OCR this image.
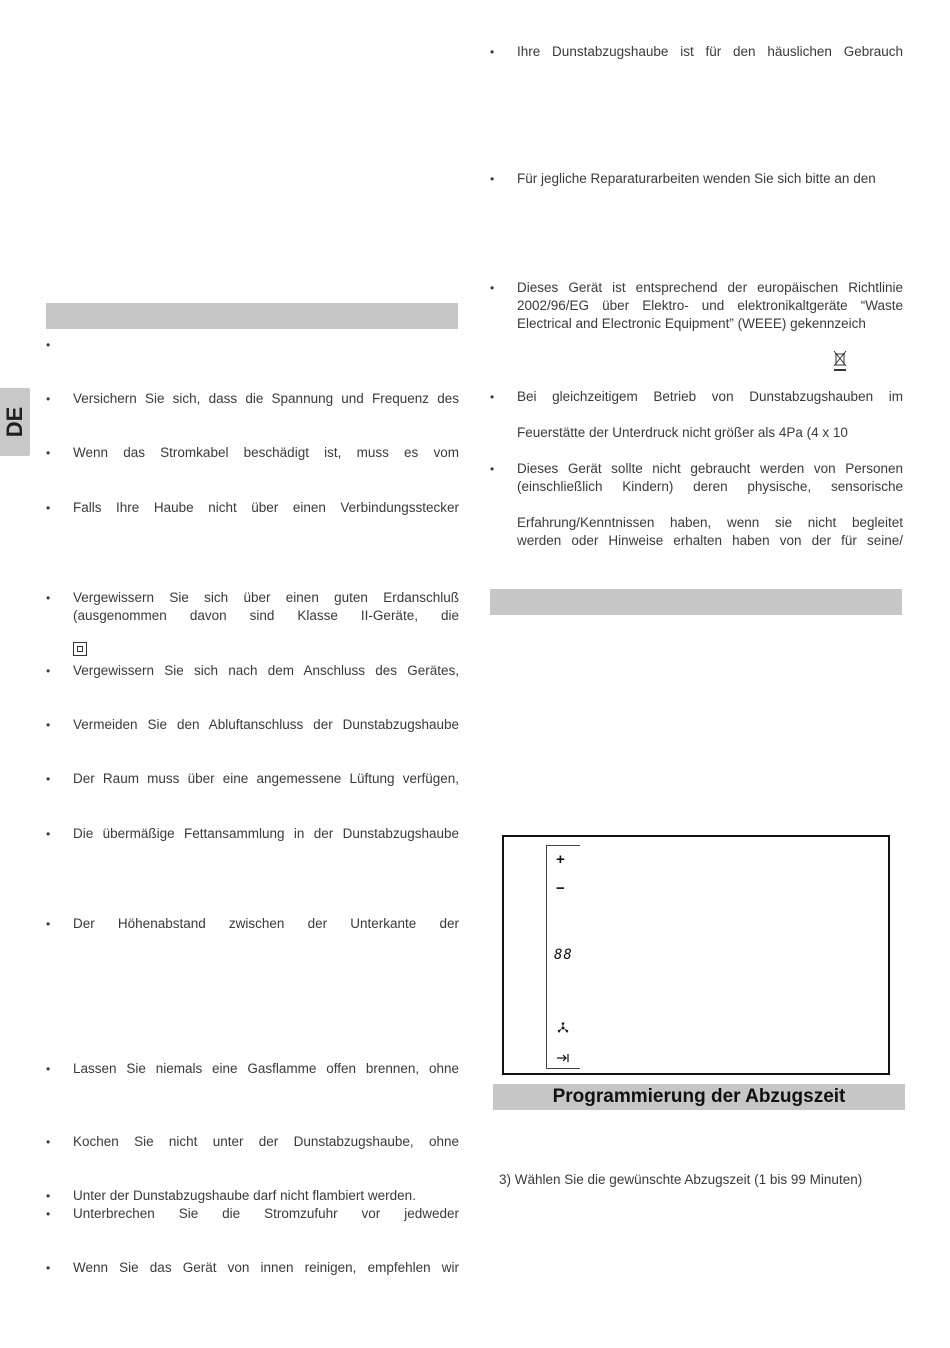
DE
•
• Versichern Sie sich, dass die Spannung und Frequenz des
• Wenn das Stromkabel beschädigt ist, muss es vom
• Falls Ihre Haube nicht über einen Verbindungsstecker
• Vergewissern Sie sich über einen guten Erdanschluß
(ausgenommen davon sind Klasse II-Geräte, die
• Vergewissern Sie sich nach dem Anschluss des Gerätes,
• Vermeiden Sie den Abluftanschluss der Dunstabzugshaube
• Der Raum muss über eine angemessene Lüftung verfügen,
• Die übermäßige Fettansammlung in der Dunstabzugshaube
• Der Höhenabstand zwischen der Unterkante der
• Lassen Sie niemals eine Gasflamme offen brennen, ohne
• Kochen Sie nicht unter der Dunstabzugshaube, ohne
• Unter der Dunstabzugshaube darf nicht flambiert werden.
• Unterbrechen Sie die Stromzufuhr vor jedweder
• Wenn Sie das Gerät von innen reinigen, empfehlen wir
• Ihre Dunstabzugshaube ist für den häuslichen Gebrauch
• Für jegliche Reparaturarbeiten wenden Sie sich bitte an den
• Dieses Gerät ist entsprechend der europäischen Richtlinie
2002/96/EG über Elektro- und elektronikaltgeräte “Waste
Electrical and Electronic Equipment” (WEEE) gekennzeich
• Bei gleichzeitigem Betrieb von Dunstabzugshauben im
Feuerstätte der Unterdruck nicht größer als 4Pa (4 x 10
• Dieses Gerät sollte nicht gebraucht werden von Personen
(einschließlich Kindern) deren physische, sensorische
Erfahrung/Kenntnissen haben, wenn sie nicht begleitet
werden oder Hinweise erhalten haben von der für seine/
+
−
88
Programmierung der Abzugszeit
3) Wählen Sie die gewünschte Abzugszeit (1 bis 99 Minuten)
